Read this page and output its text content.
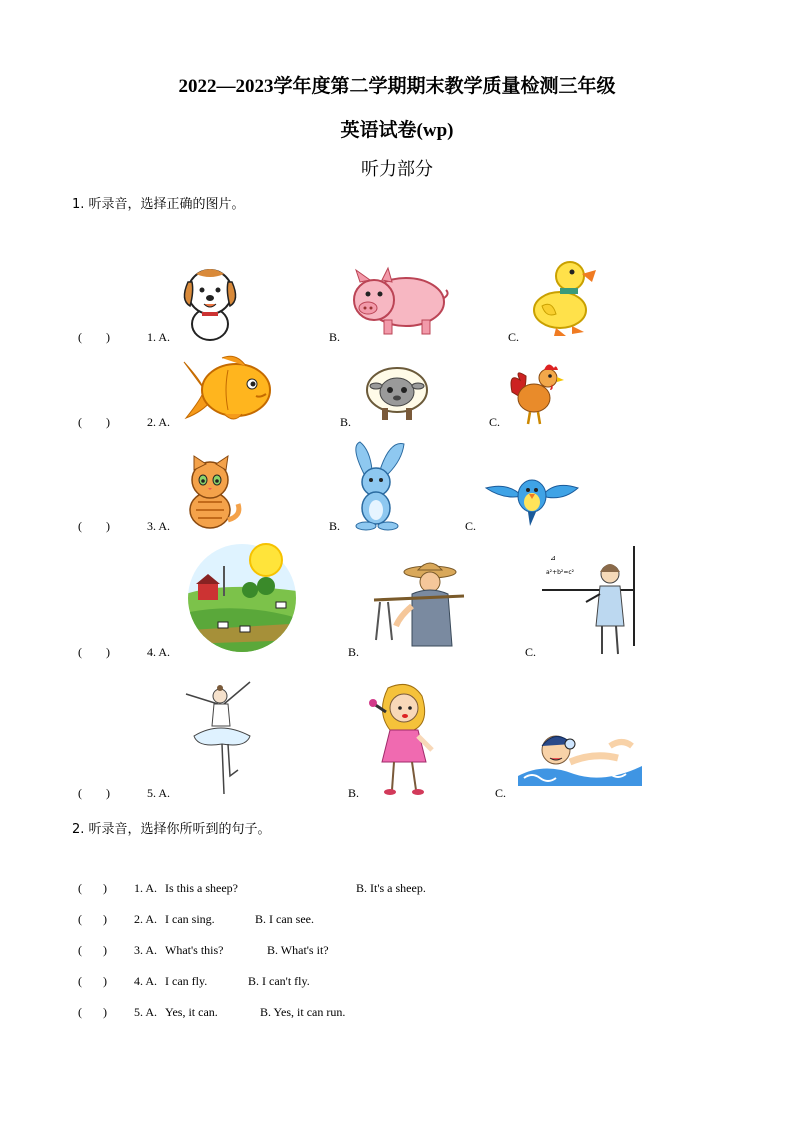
2022—2023学年度第二学期期末教学质量检测三年级
英语试卷(wp)
听力部分
1. 听录音，选择正确的图片。
(        )	1. A.	B.	C.
(        )	2. A.	B.	C.
(        )	3. A.	B.	C.
(        )	4. A.	B.	C.
⊿
a²+b²=c²
(        )	5. A.	B.	C.
2. 听录音，选择你所听到的句子。
(       ) 1. A. Is this a sheep?	B. It's a sheep.
(       ) 2. A. I can sing.	B. I can see.
(       ) 3. A. What's this?	B. What's it?
(       ) 4. A. I can fly.	B. I can't fly.
(       ) 5. A. Yes, it can.	B. Yes, it can run.
